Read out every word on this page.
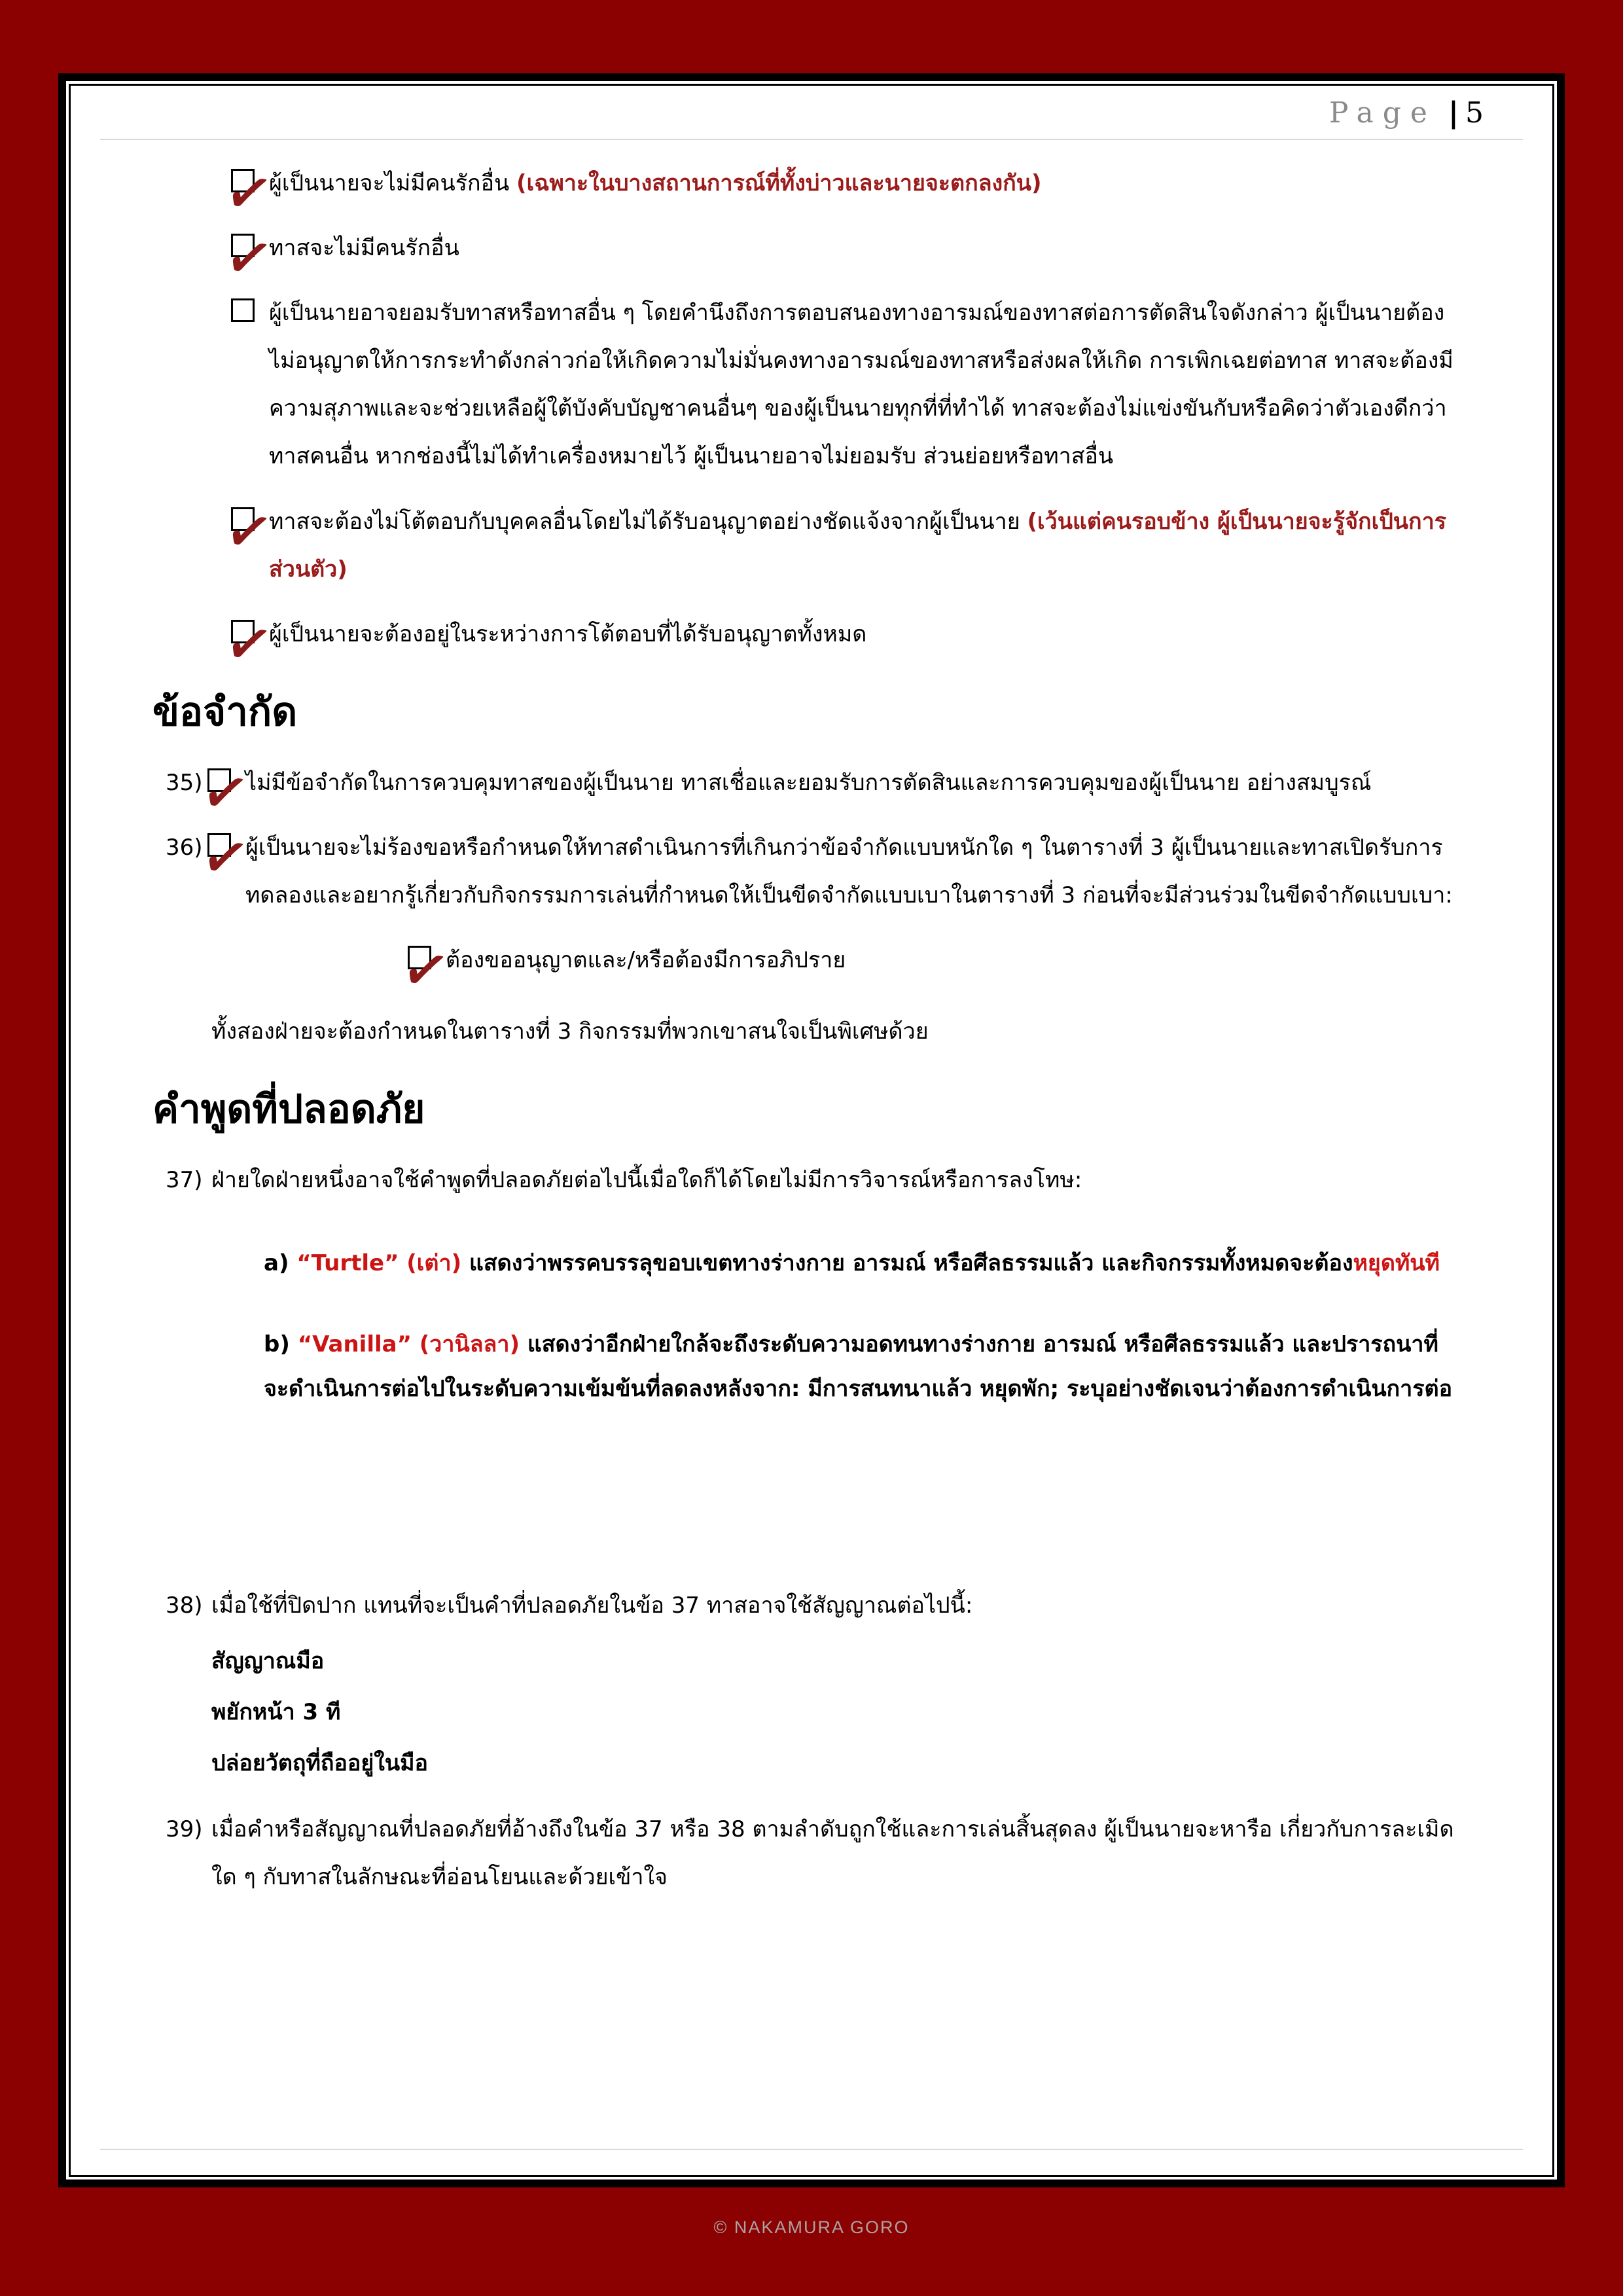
Page | 5
✓
ผู้เป็นนายจะไม่มีคนรักอื่น (เฉพาะในบางสถานการณ์ที่ทั้งบ่าวและนายจะตกลงกัน)
✓
ทาสจะไม่มีคนรักอื่น
ผู้เป็นนายอาจยอมรับทาสหรือทาสอื่น ๆ โดยคำนึงถึงการตอบสนองทางอารมณ์ของทาสต่อการตัดสินใจดังกล่าว ผู้เป็นนายต้องไม่อนุญาตให้การกระทำดังกล่าวก่อให้เกิดความไม่มั่นคงทางอารมณ์ของทาสหรือส่งผลให้เกิด การเพิกเฉยต่อทาส ทาสจะต้องมีความสุภาพและจะช่วยเหลือผู้ใต้บังคับบัญชาคนอื่นๆ ของผู้เป็นนายทุกที่ที่ทำได้ ทาสจะต้องไม่แข่งขันกับหรือคิดว่าตัวเองดีกว่าทาสคนอื่น หากช่องนี้ไม่ได้ทำเครื่องหมายไว้ ผู้เป็นนายอาจไม่ยอมรับ ส่วนย่อยหรือทาสอื่น
✓
ทาสจะต้องไม่โต้ตอบกับบุคคลอื่นโดยไม่ได้รับอนุญาตอย่างชัดแจ้งจากผู้เป็นนาย (เว้นแต่คนรอบข้าง ผู้เป็นนายจะรู้จักเป็นการส่วนตัว)
✓
ผู้เป็นนายจะต้องอยู่ในระหว่างการโต้ตอบที่ได้รับอนุญาตทั้งหมด
ข้อจำกัด
35)
✓
ไม่มีข้อจำกัดในการควบคุมทาสของผู้เป็นนาย ทาสเชื่อและยอมรับการตัดสินและการควบคุมของผู้เป็นนาย อย่างสมบูรณ์
36)
✓
ผู้เป็นนายจะไม่ร้องขอหรือกำหนดให้ทาสดำเนินการที่เกินกว่าข้อจำกัดแบบหนักใด ๆ ในตารางที่ 3 ผู้เป็นนายและทาสเปิดรับการทดลองและอยากรู้เกี่ยวกับกิจกรรมการเล่นที่กำหนดให้เป็นขีดจำกัดแบบเบาในตารางที่ 3 ก่อนที่จะมีส่วนร่วมในขีดจำกัดแบบเบา:
✓
ต้องขออนุญาตและ/หรือต้องมีการอภิปราย
ทั้งสองฝ่ายจะต้องกำหนดในตารางที่ 3 กิจกรรมที่พวกเขาสนใจเป็นพิเศษด้วย
คำพูดที่ปลอดภัย
37) ฝ่ายใดฝ่ายหนึ่งอาจใช้คำพูดที่ปลอดภัยต่อไปนี้เมื่อใดก็ได้โดยไม่มีการวิจารณ์หรือการลงโทษ:
a) “Turtle” (เต่า) แสดงว่าพรรคบรรลุขอบเขตทางร่างกาย อารมณ์ หรือศีลธรรมแล้ว และกิจกรรมทั้งหมดจะต้องหยุดทันที
b) “Vanilla” (วานิลลา) แสดงว่าอีกฝ่ายใกล้จะถึงระดับความอดทนทางร่างกาย อารมณ์ หรือศีลธรรมแล้ว และปรารถนาที่จะดำเนินการต่อไปในระดับความเข้มข้นที่ลดลงหลังจาก: มีการสนทนาแล้ว หยุดพัก; ระบุอย่างชัดเจนว่าต้องการดำเนินการต่อ
38) เมื่อใช้ที่ปิดปาก แทนที่จะเป็นคำที่ปลอดภัยในข้อ 37 ทาสอาจใช้สัญญาณต่อไปนี้:
สัญญาณมือ
พยักหน้า 3 ที
ปล่อยวัตถุที่ถืออยู่ในมือ
39) เมื่อคำหรือสัญญาณที่ปลอดภัยที่อ้างถึงในข้อ 37 หรือ 38 ตามลำดับถูกใช้และการเล่นสิ้นสุดลง ผู้เป็นนายจะหารือ เกี่ยวกับการละเมิดใด ๆ กับทาสในลักษณะที่อ่อนโยนและด้วยเข้าใจ
© NAKAMURA GORO
